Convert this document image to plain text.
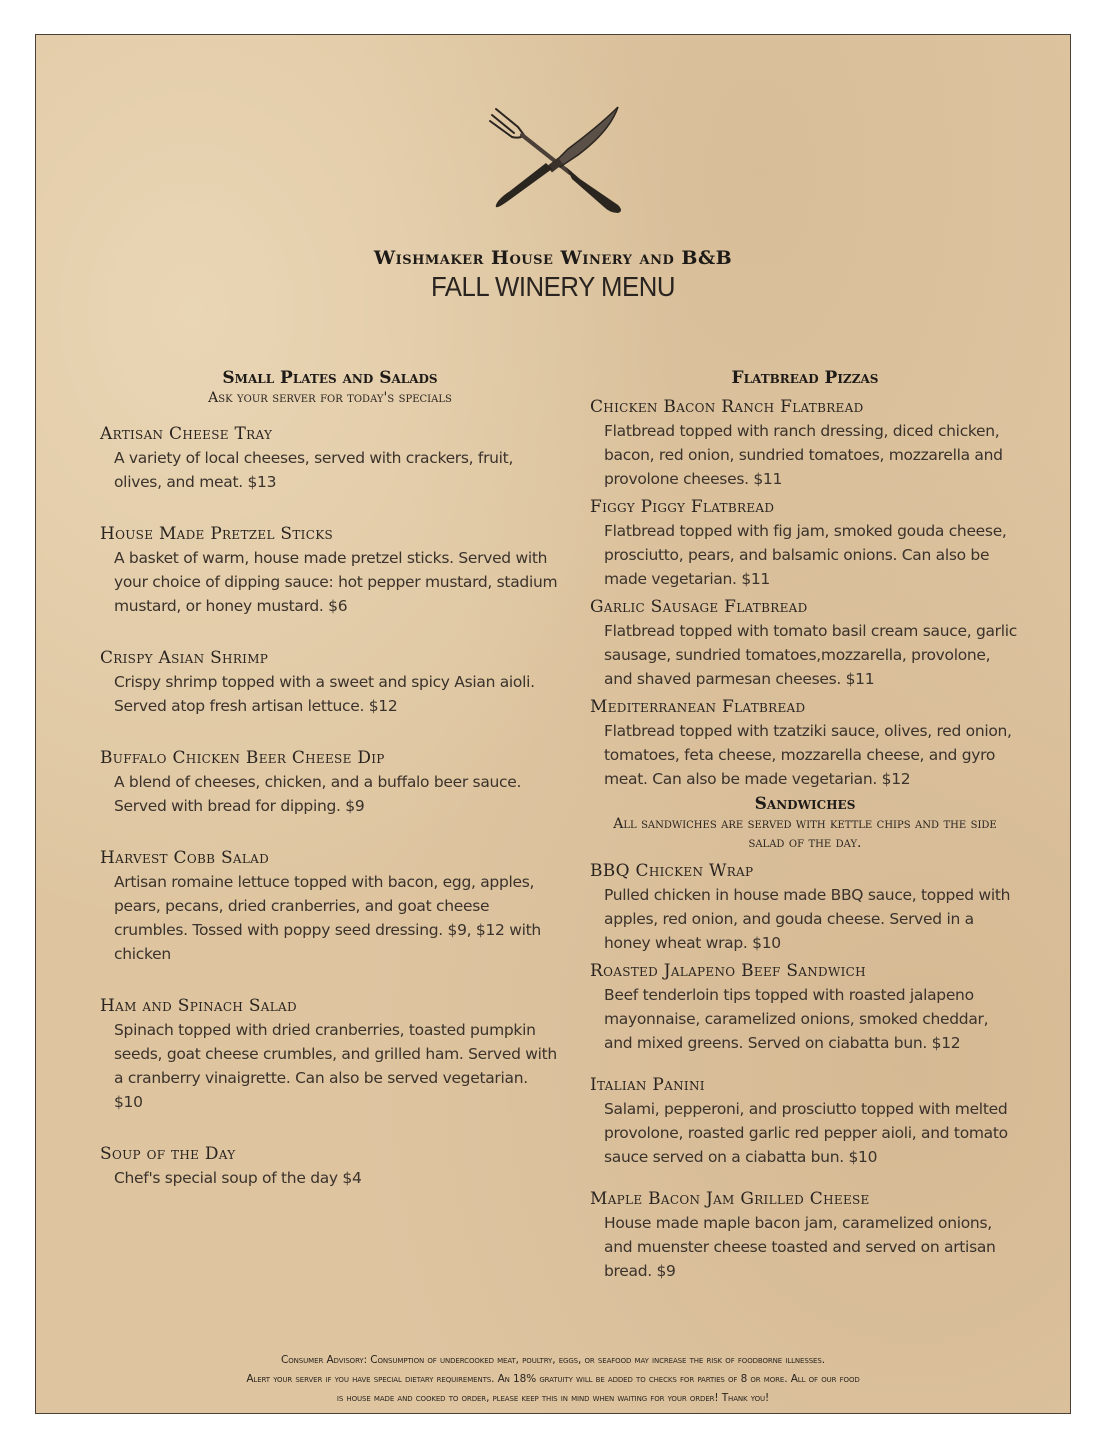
Wishmaker House Winery and B&B
FALL WINERY MENU
Small Plates and Salads
Ask your server for today's specials
Artisan Cheese Tray
A variety of local cheeses, served with crackers, fruit, olives, and meat. $13
House Made Pretzel Sticks
A basket of warm, house made pretzel sticks. Served with your choice of dipping sauce: hot pepper mustard, stadium mustard, or honey mustard. $6
Crispy Asian Shrimp
Crispy shrimp topped with a sweet and spicy Asian aioli. Served atop fresh artisan lettuce. $12
Buffalo Chicken Beer Cheese Dip
A blend of cheeses, chicken, and a buffalo beer sauce. Served with bread for dipping. $9
Harvest Cobb Salad
Artisan romaine lettuce topped with bacon, egg, apples, pears, pecans, dried cranberries, and goat cheese crumbles. Tossed with poppy seed dressing. $9, $12 with chicken
Ham and Spinach Salad
Spinach topped with dried cranberries, toasted pumpkin seeds, goat cheese crumbles, and grilled ham. Served with a cranberry vinaigrette. Can also be served vegetarian. $10
Soup of the Day
Chef's special soup of the day $4
Flatbread Pizzas
Chicken Bacon Ranch Flatbread
Flatbread topped with ranch dressing, diced chicken, bacon, red onion, sundried tomatoes, mozzarella and provolone cheeses. $11
Figgy Piggy Flatbread
Flatbread topped with fig jam, smoked gouda cheese, prosciutto, pears, and balsamic onions. Can also be made vegetarian. $11
Garlic Sausage Flatbread
Flatbread topped with tomato basil cream sauce, garlic sausage, sundried tomatoes,mozzarella, provolone, and shaved parmesan cheeses. $11
Mediterranean Flatbread
Flatbread topped with tzatziki sauce, olives, red onion, tomatoes, feta cheese, mozzarella cheese, and gyro meat. Can also be made vegetarian. $12
Sandwiches
All sandwiches are served with kettle chips and the side salad of the day.
BBQ Chicken Wrap
Pulled chicken in house made BBQ sauce, topped with apples, red onion, and gouda cheese. Served in a honey wheat wrap. $10
Roasted Jalapeno Beef Sandwich
Beef tenderloin tips topped with roasted jalapeno mayonnaise, caramelized onions, smoked cheddar, and mixed greens. Served on ciabatta bun. $12
Italian Panini
Salami, pepperoni, and prosciutto topped with melted provolone, roasted garlic red pepper aioli, and tomato sauce served on a ciabatta bun. $10
Maple Bacon Jam Grilled Cheese
House made maple bacon jam, caramelized onions, and muenster cheese toasted and served on artisan bread. $9
Consumer Advisory: Consumption of undercooked meat, poultry, eggs, or seafood may increase the risk of foodborne illnesses.
Alert your server if you have special dietary requirements. An 18% gratuity will be added to checks for parties of 8 or more. All of our food
is house made and cooked to order, please keep this in mind when waiting for your order! Thank you!
